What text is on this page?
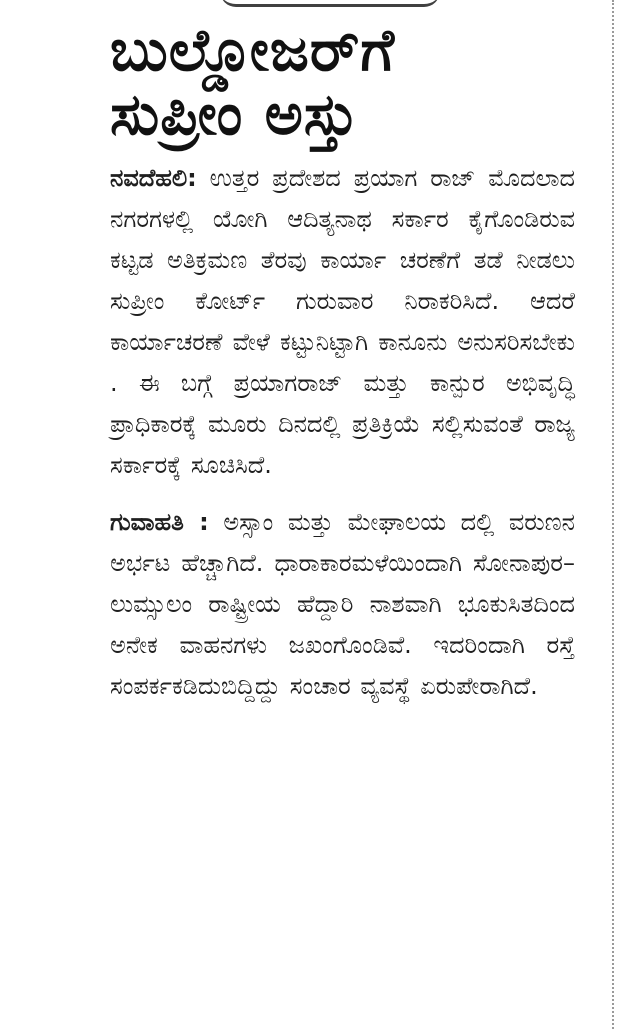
ಬುಲ್ಡೋಜರ್‌ಗೆ
ಸುಪ್ರೀಂ ಅಸ್ತು

ನವದೆಹಲಿ: ಉತ್ತರ ಪ್ರದೇಶದ ಪ್ರಯಾಗ ರಾಜ್ ಮೊದಲಾದ ನಗರಗಳಲ್ಲಿ ಯೋಗಿ ಆದಿತ್ಯನಾಥ ಸರ್ಕಾರ ಕೈಗೊಂಡಿರುವ ಕಟ್ಟಡ ಅತಿಕ್ರಮಣ ತೆರವು ಕಾರ್ಯಾ ಚರಣೆಗೆ ತಡೆ ನೀಡಲು ಸುಪ್ರೀಂ ಕೋರ್ಟ್ ಗುರುವಾರ ನಿರಾಕರಿಸಿದೆ. ಆದರೆ ಕಾರ್ಯಾಚರಣೆ ವೇಳೆ ಕಟ್ಟುನಿಟ್ಟಾಗಿ ಕಾನೂನು ಅನುಸರಿಸಬೇಕು . ಈ ಬಗ್ಗೆ ಪ್ರಯಾಗರಾಜ್ ಮತ್ತು ಕಾನ್ಪುರ ಅಭಿವೃದ್ಧಿ ಪ್ರಾಧಿಕಾರಕ್ಕೆ ಮೂರು ದಿನದಲ್ಲಿ ಪ್ರತಿಕ್ರಿಯೆ ಸಲ್ಲಿಸುವಂತೆ ರಾಜ್ಯ ಸರ್ಕಾರಕ್ಕೆ ಸೂಚಿಸಿದೆ.

ಗುವಾಹತಿ : ಅಸ್ಸಾಂ ಮತ್ತು ಮೇಘಾಲಯ ದಲ್ಲಿ ವರುಣನ ಅರ್ಭಟ ಹೆಚ್ಚಾಗಿದೆ. ಧಾರಾಕಾರಮಳೆಯಿಂದಾಗಿ ಸೋನಾಪುರ–ಲುಮ್ಸುಲಂ ರಾಷ್ಟ್ರೀಯ ಹೆದ್ದಾರಿ ನಾಶವಾಗಿ ಭೂಕುಸಿತದಿಂದ ಅನೇಕ ವಾಹನಗಳು ಜಖಂಗೊಂಡಿವೆ. ಇದರಿಂದಾಗಿ ರಸ್ತೆ ಸಂಪರ್ಕಕಡಿದುಬಿದ್ದಿದ್ದು ಸಂಚಾರ ವ್ಯವಸ್ಥೆ ಏರುಪೇರಾಗಿದೆ.
